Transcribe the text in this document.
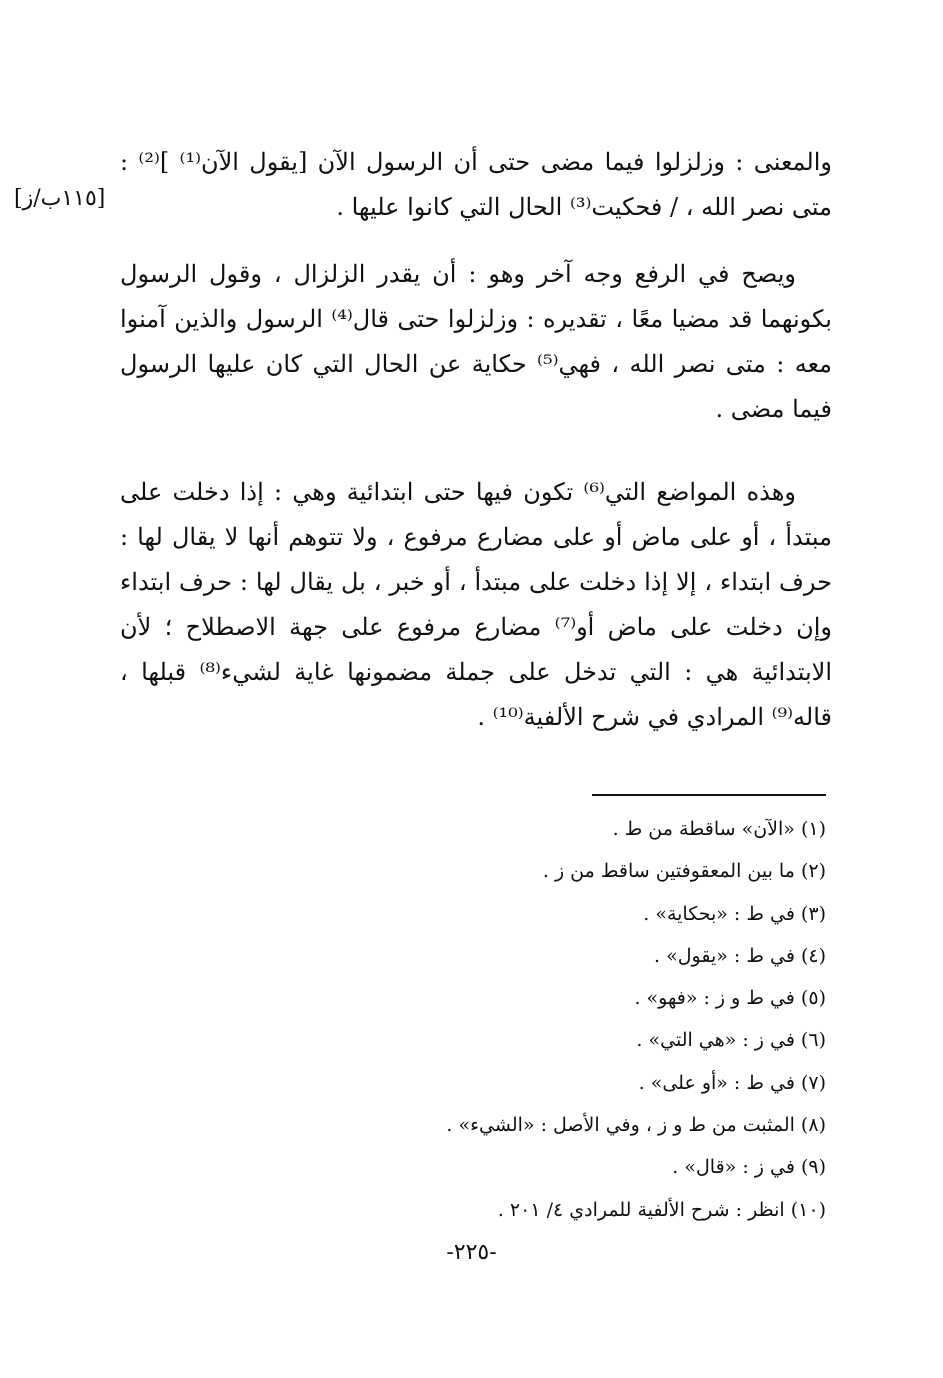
والمعنى : وزلزلوا فيما مضى حتى أن الرسول الآن [يقول الآن⁽¹⁾ ]⁽²⁾ : متى نصر الله ، / فحكيت⁽³⁾ الحال التي كانوا عليها .

[١١٥ب/ز]

ويصح في الرفع وجه آخر وهو : أن يقدر الزلزال ، وقول الرسول بكونهما قد مضيا معًا ، تقديره : وزلزلوا حتى قال⁽⁴⁾ الرسول والذين آمنوا معه : متى نصر الله ، فهي⁽⁵⁾ حكاية عن الحال التي كان عليها الرسول فيما مضى .

وهذه المواضع التي⁽⁶⁾ تكون فيها حتى ابتدائية وهي : إذا دخلت على مبتدأ ، أو على ماض أو على مضارع مرفوع ، ولا تتوهم أنها لا يقال لها : حرف ابتداء ، إلا إذا دخلت على مبتدأ ، أو خبر ، بل يقال لها : حرف ابتداء وإن دخلت على ماض أو⁽⁷⁾ مضارع مرفوع على جهة الاصطلاح ؛ لأن الابتدائية هي : التي تدخل على جملة مضمونها غاية لشيء⁽⁸⁾ قبلها ، قاله⁽⁹⁾ المرادي في شرح الألفية⁽¹⁰⁾ .

(١) «الآن» ساقطة من ط .
(٢) ما بين المعقوفتين ساقط من ز .
(٣) في ط : «بحكاية» .
(٤) في ط : «يقول» .
(٥) في ط و ز : «فهو» .
(٦) في ز : «هي التي» .
(٧) في ط : «أو على» .
(٨) المثبت من ط و ز ، وفي الأصل : «الشيء» .
(٩) في ز : «قال» .
(١٠) انظر : شرح الألفية للمرادي ٤/ ٢٠١ .
-٢٢٥-
